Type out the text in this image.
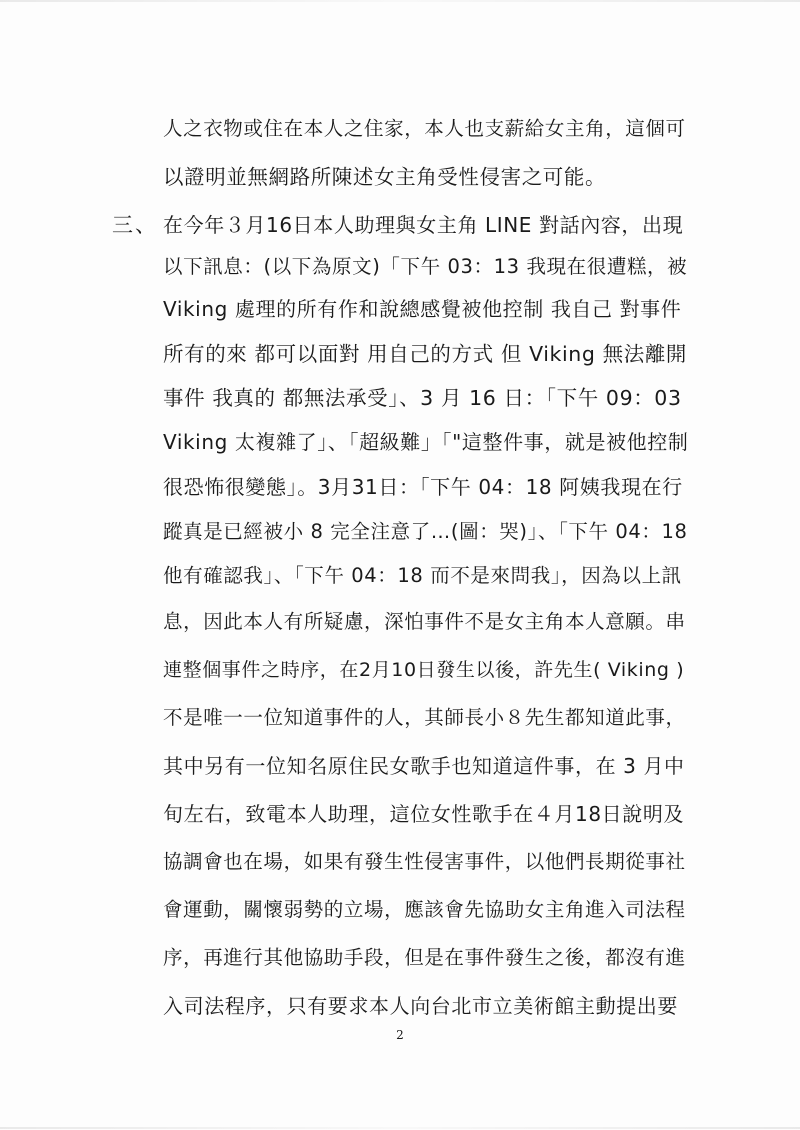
三、
人之衣物或住在本人之住家，本人也支薪給女主角，這個可
以證明並無網路所陳述女主角受性侵害之可能。
在今年３月16日本人助理與女主角 LINE 對話內容，出現
以下訊息：(以下為原文)「下午 03：13 我現在很遭糕，被
Viking 處理的所有作和說總感覺被他控制 我自己 對事件
所有的來 都可以面對 用自己的方式 但 Viking 無法離開
事件 我真的 都無法承受」、3 月 16 日：「下午 09：03
Viking 太複雜了」、「超級難」「"這整件事，就是被他控制
很恐怖很變態」。3月31日：「下午 04：18 阿姨我現在行
蹤真是已經被小 8 完全注意了…(圖：哭)」、「下午 04：18
他有確認我」、「下午 04：18 而不是來問我」，因為以上訊
息，因此本人有所疑慮，深怕事件不是女主角本人意願。串
連整個事件之時序，在2月10日發生以後，許先生( Viking )
不是唯一一位知道事件的人，其師長小８先生都知道此事，
其中另有一位知名原住民女歌手也知道這件事，在 3 月中
旬左右，致電本人助理，這位女性歌手在４月18日說明及
協調會也在場，如果有發生性侵害事件，以他們長期從事社
會運動，關懷弱勢的立場，應該會先協助女主角進入司法程
序，再進行其他協助手段，但是在事件發生之後，都沒有進
入司法程序，只有要求本人向台北市立美術館主動提出要
2
